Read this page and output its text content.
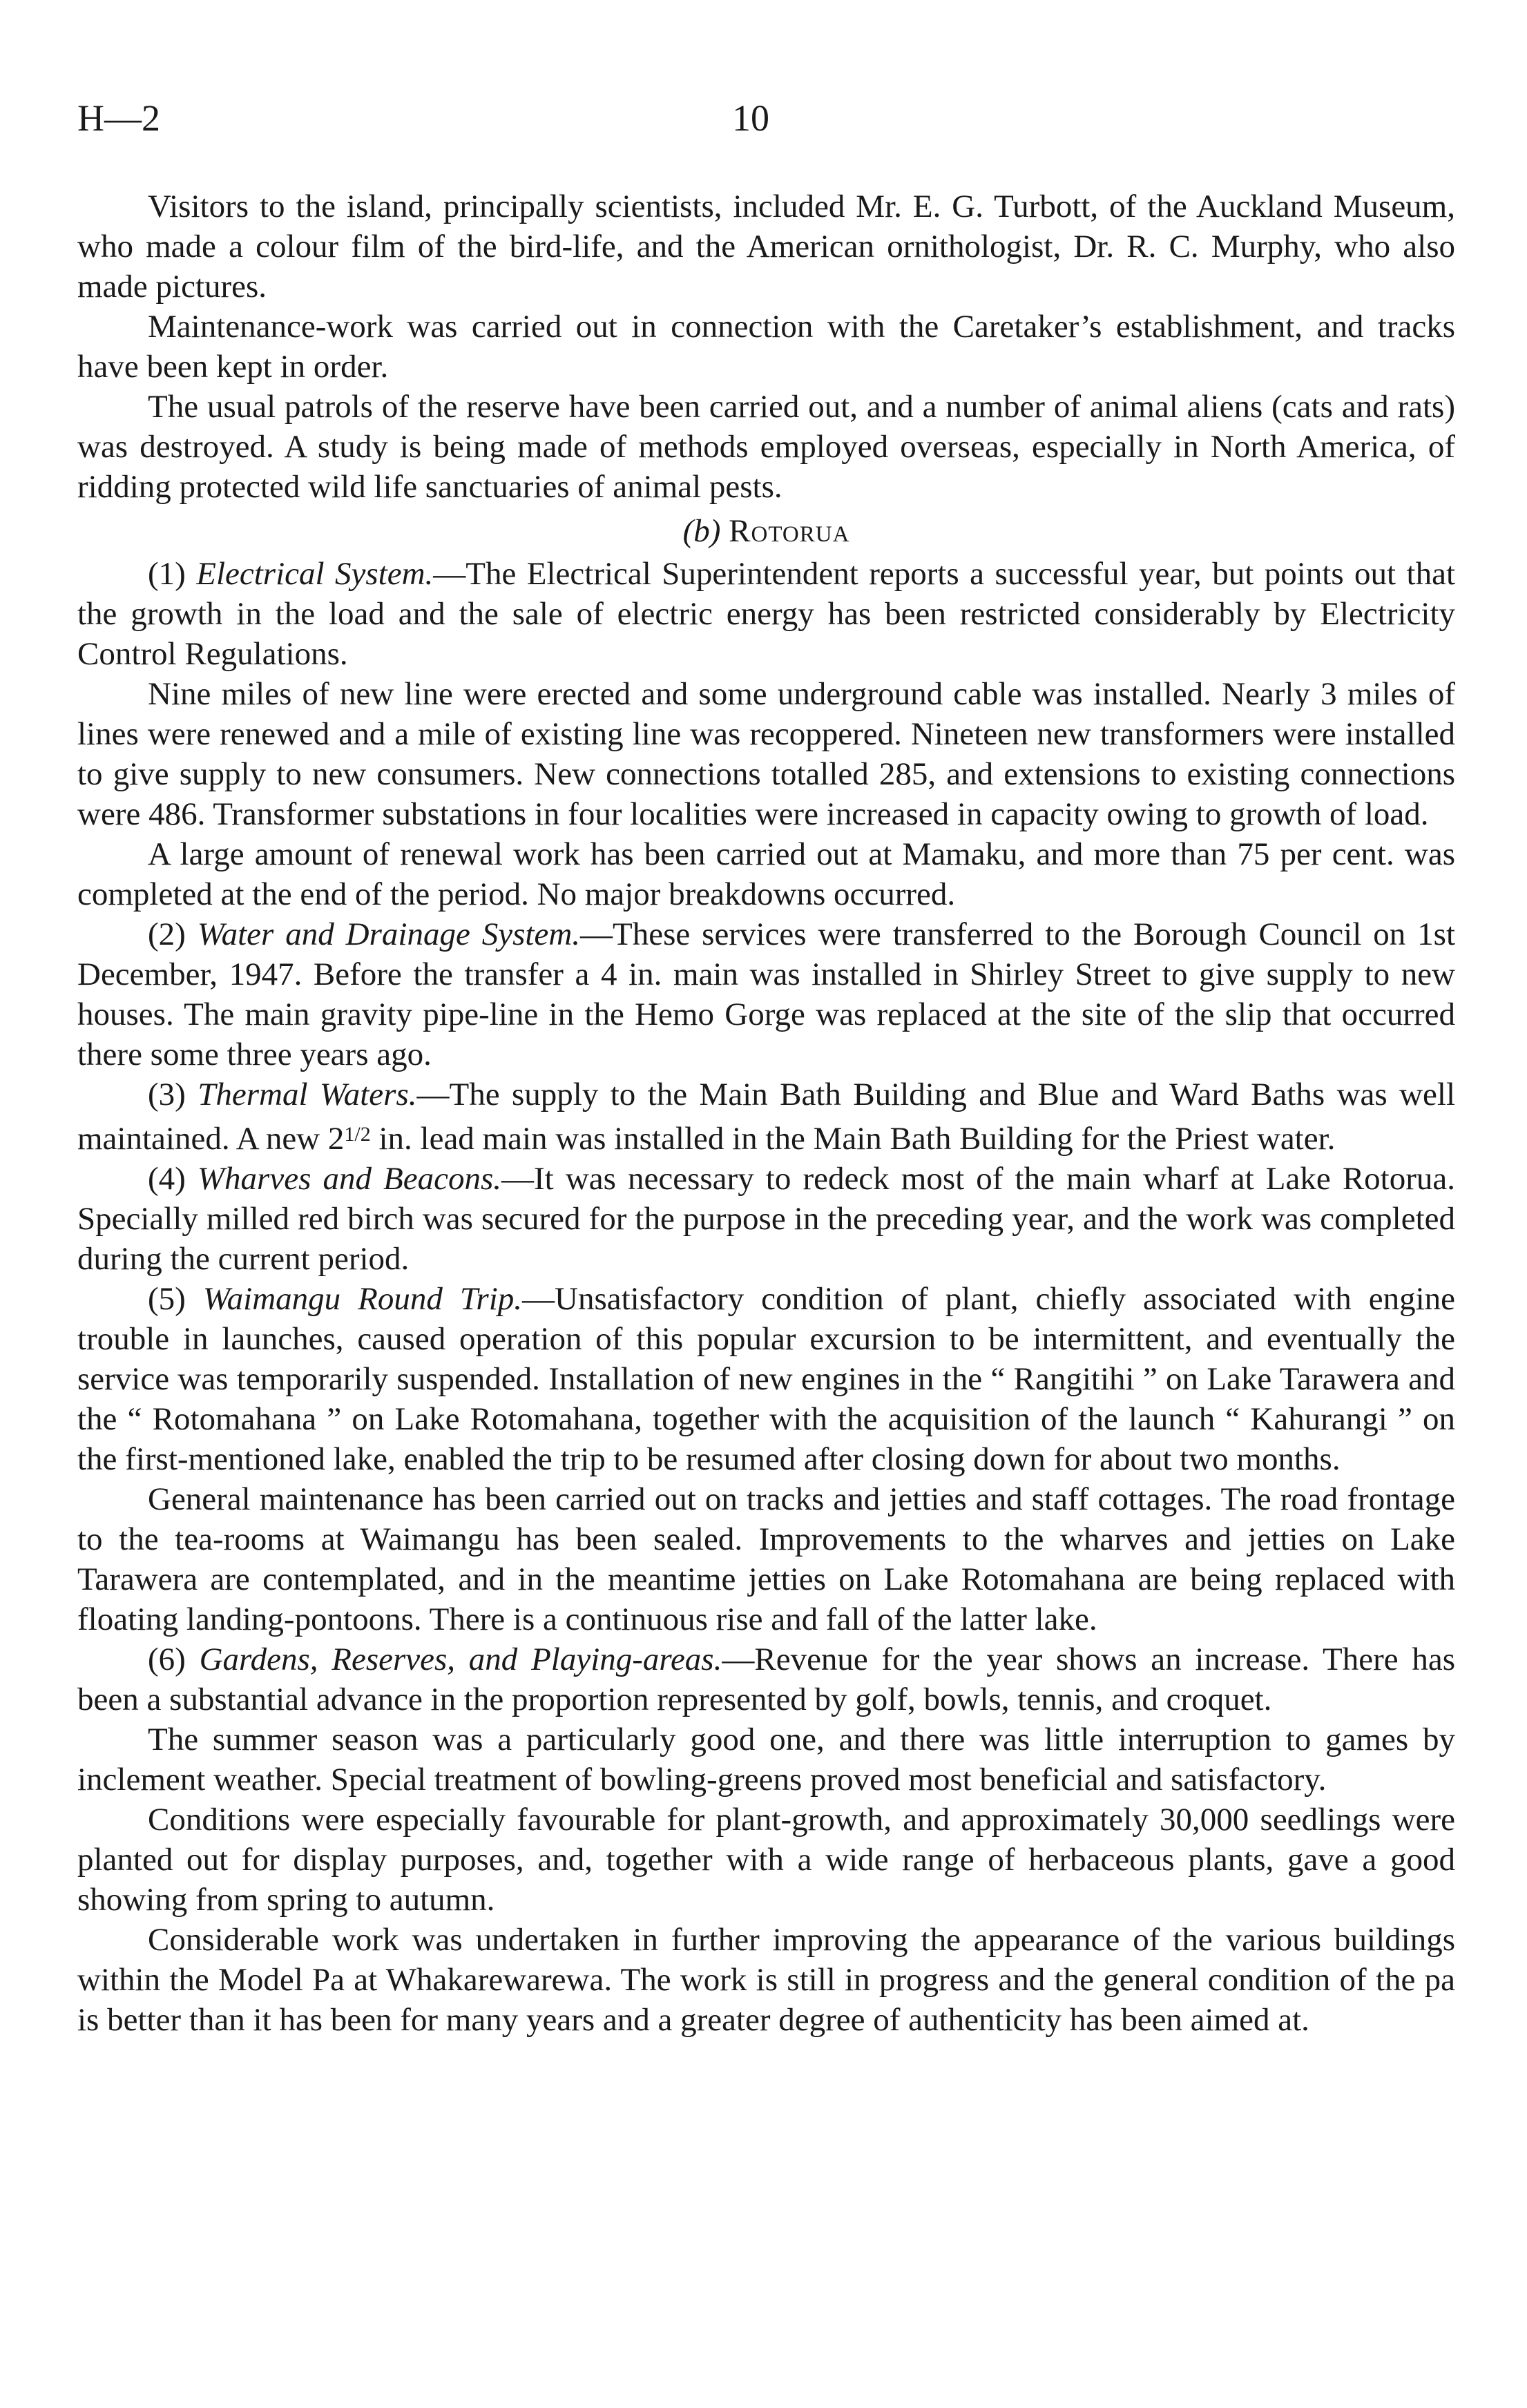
H—2	10

Visitors to the island, principally scientists, included Mr. E. G. Turbott, of the Auckland Museum, who made a colour film of the bird-life, and the American ornithologist, Dr. R. C. Murphy, who also made pictures.

Maintenance-work was carried out in connection with the Caretaker’s establishment, and tracks have been kept in order.

The usual patrols of the reserve have been carried out, and a number of animal aliens (cats and rats) was destroyed. A study is being made of methods employed overseas, especially in North America, of ridding protected wild life sanctuaries of animal pests.

(b) Rotorua

(1) Electrical System.—The Electrical Superintendent reports a successful year, but points out that the growth in the load and the sale of electric energy has been restricted considerably by Electricity Control Regulations.

Nine miles of new line were erected and some underground cable was installed. Nearly 3 miles of lines were renewed and a mile of existing line was recoppered. Nineteen new transformers were installed to give supply to new consumers. New connections totalled 285, and extensions to existing connections were 486. Transformer substations in four localities were increased in capacity owing to growth of load.

A large amount of renewal work has been carried out at Mamaku, and more than 75 per cent. was completed at the end of the period. No major breakdowns occurred.

(2) Water and Drainage System.—These services were transferred to the Borough Council on 1st December, 1947. Before the transfer a 4 in. main was installed in Shirley Street to give supply to new houses. The main gravity pipe-line in the Hemo Gorge was replaced at the site of the slip that occurred there some three years ago.

(3) Thermal Waters.—The supply to the Main Bath Building and Blue and Ward Baths was well maintained. A new $2^{1/2}$ in. lead main was installed in the Main Bath Building for the Priest water.

(4) Wharves and Beacons.—It was necessary to redeck most of the main wharf at Lake Rotorua. Specially milled red birch was secured for the purpose in the preceding year, and the work was completed during the current period.

(5) Waimangu Round Trip.—Unsatisfactory condition of plant, chiefly associated with engine trouble in launches, caused operation of this popular excursion to be intermittent, and eventually the service was temporarily suspended. Installation of new engines in the “ Rangitihi ” on Lake Tarawera and the “ Rotomahana ” on Lake Rotomahana, together with the acquisition of the launch “ Kahurangi ” on the first-mentioned lake, enabled the trip to be resumed after closing down for about two months.

General maintenance has been carried out on tracks and jetties and staff cottages. The road frontage to the tea-rooms at Waimangu has been sealed. Improvements to the wharves and jetties on Lake Tarawera are contemplated, and in the meantime jetties on Lake Rotomahana are being replaced with floating landing-pontoons. There is a continuous rise and fall of the latter lake.

(6) Gardens, Reserves, and Playing-areas.—Revenue for the year shows an increase. There has been a substantial advance in the proportion represented by golf, bowls, tennis, and croquet.

The summer season was a particularly good one, and there was little interruption to games by inclement weather. Special treatment of bowling-greens proved most beneficial and satisfactory.

Conditions were especially favourable for plant-growth, and approximately 30,000 seedlings were planted out for display purposes, and, together with a wide range of herbaceous plants, gave a good showing from spring to autumn.

Considerable work was undertaken in further improving the appearance of the various buildings within the Model Pa at Whakarewarewa. The work is still in progress and the general condition of the pa is better than it has been for many years and a greater degree of authenticity has been aimed at.
